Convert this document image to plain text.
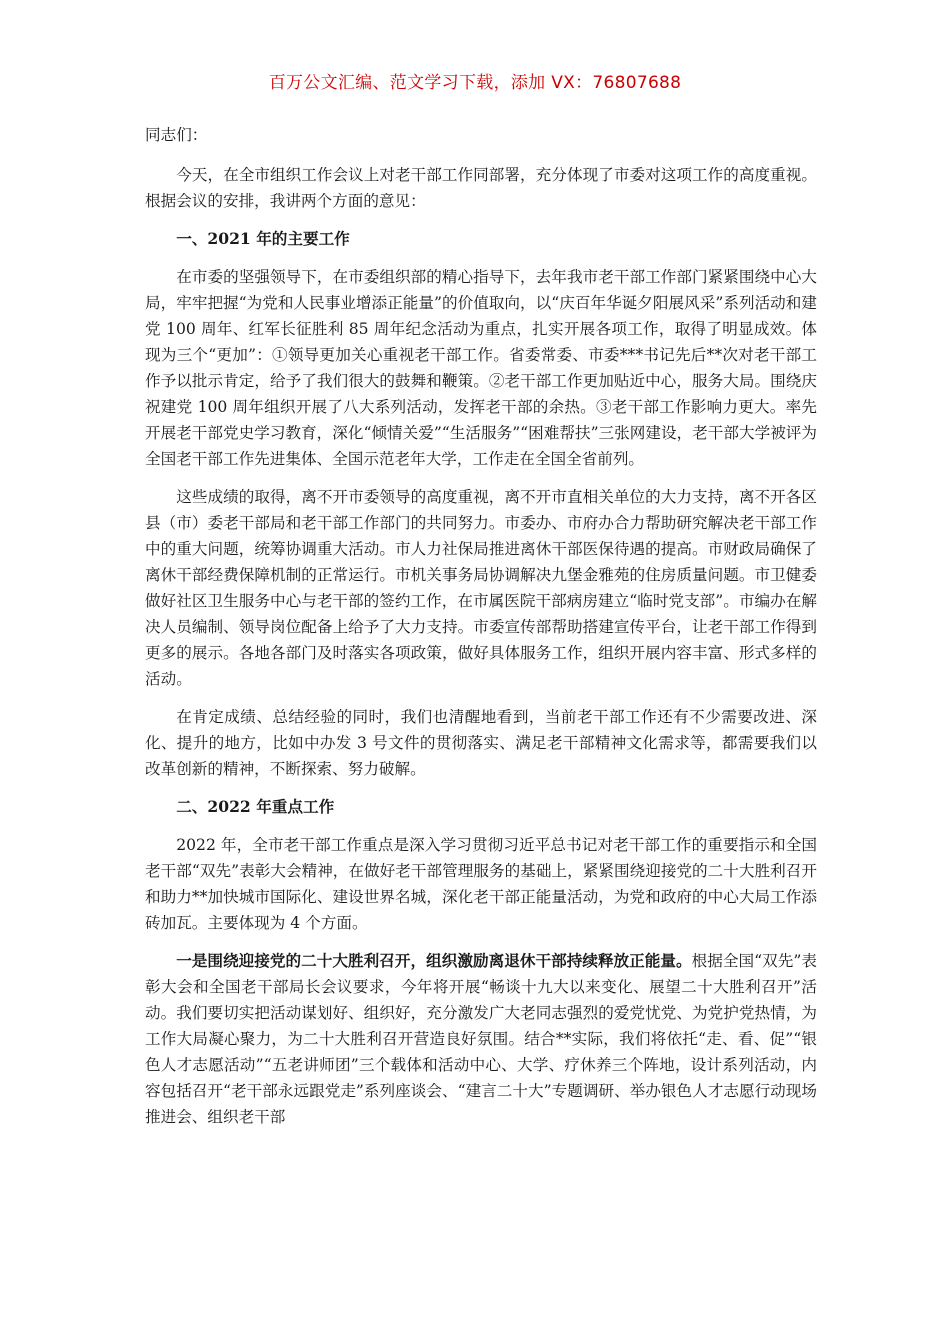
百万公文汇编、范文学习下载，添加 VX：76807688

同志们：

今天，在全市组织工作会议上对老干部工作同部署，充分体现了市委对这项工作的高度重视。根据会议的安排，我讲两个方面的意见：

一、2021 年的主要工作

在市委的坚强领导下，在市委组织部的精心指导下，去年我市老干部工作部门紧紧围绕中心大局，牢牢把握“为党和人民事业增添正能量”的价值取向，以“庆百年华诞夕阳展风采”系列活动和建党 100 周年、红军长征胜利 85 周年纪念活动为重点，扎实开展各项工作，取得了明显成效。体现为三个“更加”：①领导更加关心重视老干部工作。省委常委、市委***书记先后**次对老干部工作予以批示肯定，给予了我们很大的鼓舞和鞭策。②老干部工作更加贴近中心，服务大局。围绕庆祝建党 100 周年组织开展了八大系列活动，发挥老干部的余热。③老干部工作影响力更大。率先开展老干部党史学习教育，深化“倾情关爱”“生活服务”“困难帮扶”三张网建设，老干部大学被评为全国老干部工作先进集体、全国示范老年大学，工作走在全国全省前列。

这些成绩的取得，离不开市委领导的高度重视，离不开市直相关单位的大力支持，离不开各区县（市）委老干部局和老干部工作部门的共同努力。市委办、市府办合力帮助研究解决老干部工作中的重大问题，统筹协调重大活动。市人力社保局推进离休干部医保待遇的提高。市财政局确保了离休干部经费保障机制的正常运行。市机关事务局协调解决九堡金雅苑的住房质量问题。市卫健委做好社区卫生服务中心与老干部的签约工作，在市属医院干部病房建立“临时党支部”。市编办在解决人员编制、领导岗位配备上给予了大力支持。市委宣传部帮助搭建宣传平台，让老干部工作得到更多的展示。各地各部门及时落实各项政策，做好具体服务工作，组织开展内容丰富、形式多样的活动。

在肯定成绩、总结经验的同时，我们也清醒地看到，当前老干部工作还有不少需要改进、深化、提升的地方，比如中办发 3 号文件的贯彻落实、满足老干部精神文化需求等，都需要我们以改革创新的精神，不断探索、努力破解。

二、2022 年重点工作

2022 年，全市老干部工作重点是深入学习贯彻习近平总书记对老干部工作的重要指示和全国老干部“双先”表彰大会精神，在做好老干部管理服务的基础上，紧紧围绕迎接党的二十大胜利召开和助力**加快城市国际化、建设世界名城，深化老干部正能量活动，为党和政府的中心大局工作添砖加瓦。主要体现为 4 个方面。

一是围绕迎接党的二十大胜利召开，组织激励离退休干部持续释放正能量。根据全国“双先”表彰大会和全国老干部局长会议要求，今年将开展“畅谈十九大以来变化、展望二十大胜利召开”活动。我们要切实把活动谋划好、组织好，充分激发广大老同志强烈的爱党忧党、为党护党热情，为工作大局凝心聚力，为二十大胜利召开营造良好氛围。结合**实际，我们将依托“走、看、促”“银色人才志愿活动”“五老讲师团”三个载体和活动中心、大学、疗休养三个阵地，设计系列活动，内容包括召开“老干部永远跟党走”系列座谈会、“建言二十大”专题调研、举办银色人才志愿行动现场推进会、组织老干部
